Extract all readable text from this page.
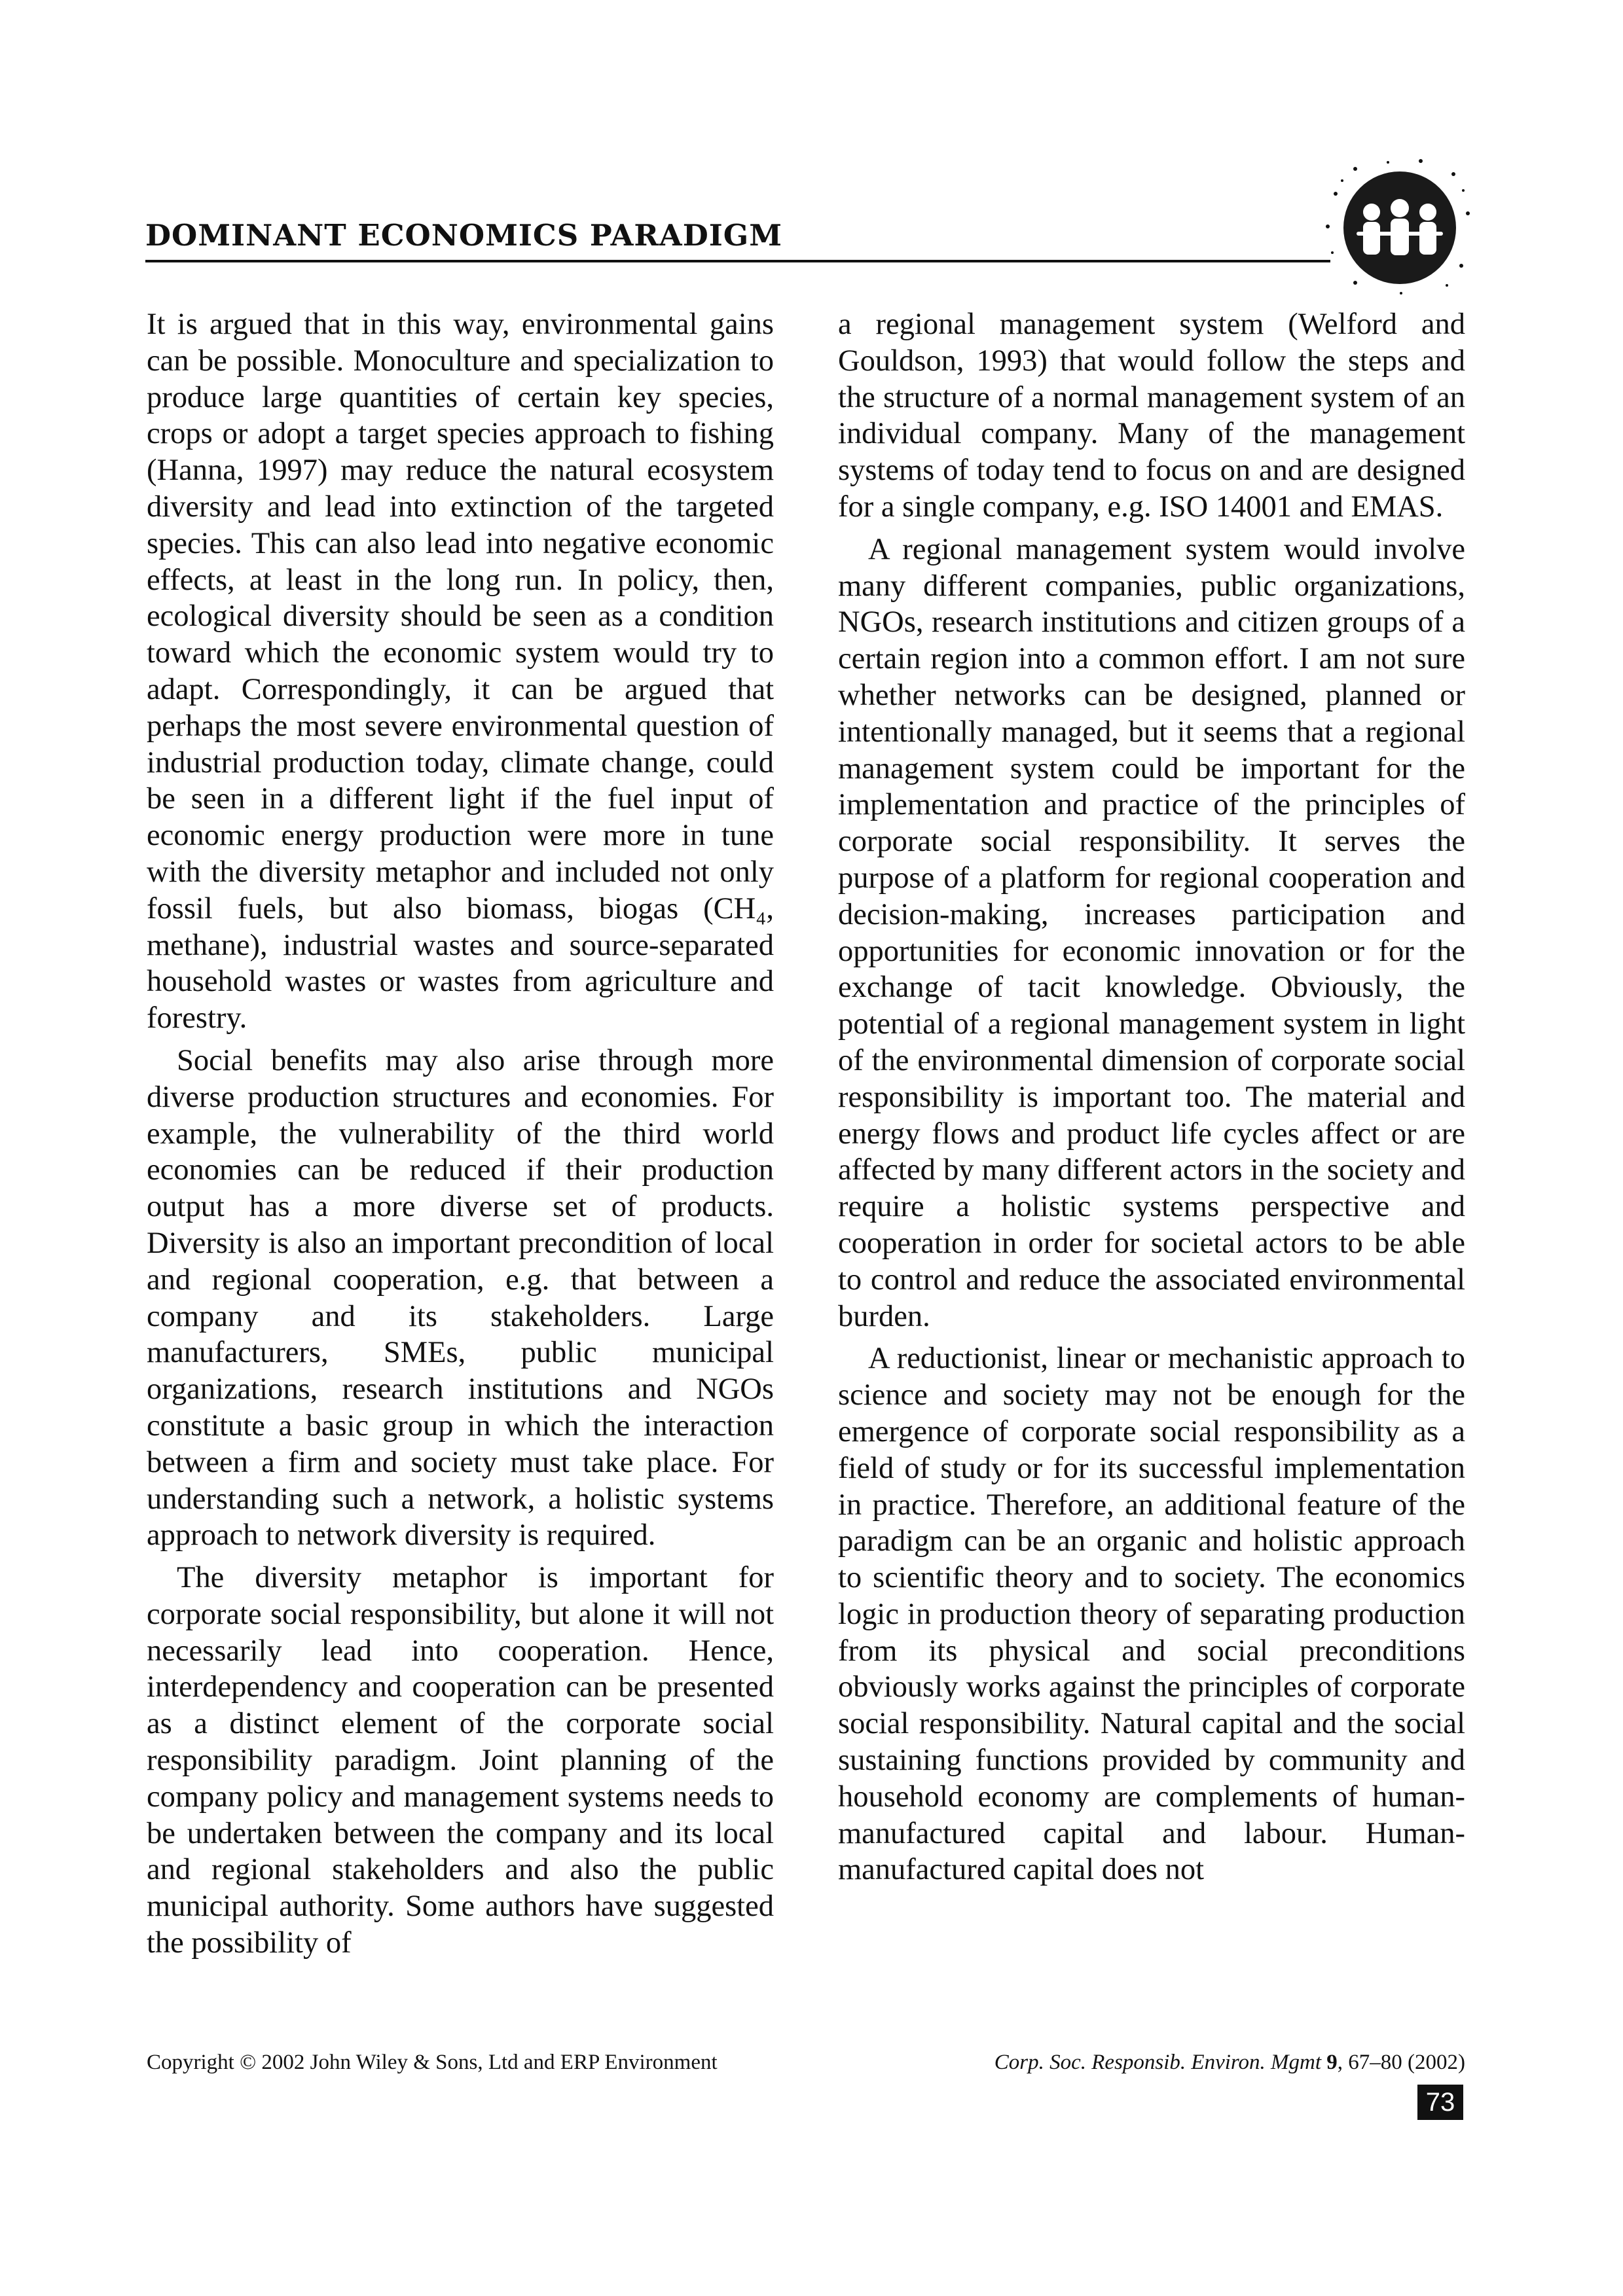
DOMINANT ECONOMICS PARADIGM

It is argued that in this way, environmental gains can be possible. Monoculture and specialization to produce large quantities of certain key species, crops or adopt a target species approach to fishing (Hanna, 1997) may reduce the natural ecosystem diversity and lead into extinction of the targeted species. This can also lead into negative economic effects, at least in the long run. In policy, then, ecological diversity should be seen as a condition toward which the economic system would try to adapt. Correspondingly, it can be argued that perhaps the most severe environmental question of industrial production today, climate change, could be seen in a different light if the fuel input of economic energy production were more in tune with the diversity metaphor and included not only fossil fuels, but also biomass, biogas (CH₄, methane), industrial wastes and source-separated household wastes or wastes from agriculture and forestry.

Social benefits may also arise through more diverse production structures and economies. For example, the vulnerability of the third world economies can be reduced if their production output has a more diverse set of products. Diversity is also an important precondition of local and regional cooperation, e.g. that between a company and its stakeholders. Large manufacturers, SMEs, public municipal organizations, research institutions and NGOs constitute a basic group in which the interaction between a firm and society must take place. For understanding such a network, a holistic systems approach to network diversity is required.

The diversity metaphor is important for corporate social responsibility, but alone it will not necessarily lead into cooperation. Hence, interdependency and cooperation can be presented as a distinct element of the corporate social responsibility paradigm. Joint planning of the company policy and management systems needs to be undertaken between the company and its local and regional stakeholders and also the public municipal authority. Some authors have suggested the possibility of

a regional management system (Welford and Gouldson, 1993) that would follow the steps and the structure of a normal management system of an individual company. Many of the management systems of today tend to focus on and are designed for a single company, e.g. ISO 14001 and EMAS.

A regional management system would involve many different companies, public organizations, NGOs, research institutions and citizen groups of a certain region into a common effort. I am not sure whether networks can be designed, planned or intentionally managed, but it seems that a regional management system could be important for the implementation and practice of the principles of corporate social responsibility. It serves the purpose of a platform for regional cooperation and decision-making, increases participation and opportunities for economic innovation or for the exchange of tacit knowledge. Obviously, the potential of a regional management system in light of the environmental dimension of corporate social responsibility is important too. The material and energy flows and product life cycles affect or are affected by many different actors in the society and require a holistic systems perspective and cooperation in order for societal actors to be able to control and reduce the associated environmental burden.

A reductionist, linear or mechanistic approach to science and society may not be enough for the emergence of corporate social responsibility as a field of study or for its successful implementation in practice. Therefore, an additional feature of the paradigm can be an organic and holistic approach to scientific theory and to society. The economics logic in production theory of separating production from its physical and social preconditions obviously works against the principles of corporate social responsibility. Natural capital and the social sustaining functions provided by community and household economy are complements of human-manufactured capital and labour. Human-manufactured capital does not

Copyright © 2002 John Wiley & Sons, Ltd and ERP Environment	Corp. Soc. Responsib. Environ. Mgmt 9, 67–80 (2002)
73
